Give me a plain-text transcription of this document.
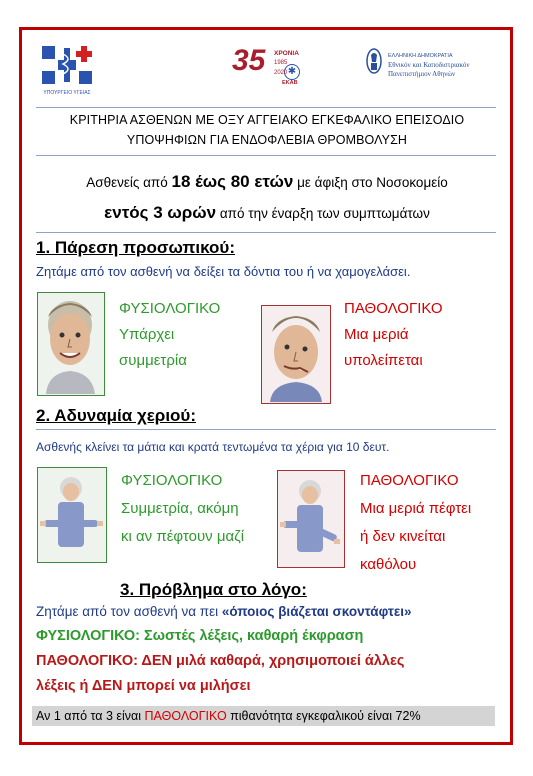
ΥΠΟΥΡΓΕΙΟ ΥΓΕΙΑΣ
35 ΧΡΟΝΙΑ
1985
✱
2020
ΕΚΑΒ
ΕΛΛΗΝΙΚΗ ΔΗΜΟΚΡΑΤΙΑ
Εθνικόν και Καποδιστριακόν
Πανεπιστήμιον Αθηνών
ΚΡΙΤΗΡΙΑ ΑΣΘΕΝΩΝ ΜΕ ΟΞΥ ΑΓΓΕΙΑΚΟ ΕΓΚΕΦΑΛΙΚΟ ΕΠΕΙΣΟΔΙΟ
ΥΠΟΨΗΦΙΩΝ ΓΙΑ ΕΝΔΟΦΛΕΒΙΑ ΘΡΟΜΒΟΛΥΣΗ
Ασθενείς από 18 έως 80 ετών με άφιξη στο Νοσοκομείο
εντός 3 ωρών από την έναρξη των συμπτωμάτων
1. Πάρεση προσωπικού:
Ζητάμε από τον ασθενή να δείξει τα δόντια του ή να χαμογελάσει.
ΦΥΣΙΟΛΟΓΙΚΟ
Υπάρχει
συμμετρία
ΠΑΘΟΛΟΓΙΚΟ
Μια μεριά
υπολείπεται
2. Αδυναμία χεριού:
Ασθενής κλείνει τα μάτια και κρατά τεντωμένα τα χέρια για 10 δευτ.
ΦΥΣΙΟΛΟΓΙΚΟ
Συμμετρία, ακόμη
κι αν πέφτουν μαζί
ΠΑΘΟΛΟΓΙΚΟ
Μια μεριά πέφτει
ή δεν κινείται
καθόλου
3. Πρόβλημα στο λόγο:
Ζητάμε από τον ασθενή να πει «όποιος βιάζεται σκοντάφτει»
ΦΥΣΙΟΛΟΓΙΚΟ: Σωστές λέξεις, καθαρή έκφραση
ΠΑΘΟΛΟΓΙΚΟ: ΔΕΝ μιλά καθαρά, χρησιμοποιεί άλλες
λέξεις ή ΔΕΝ μπορεί να μιλήσει
Αν 1 από τα 3 είναι ΠΑΘΟΛΟΓΙΚΟ πιθανότητα εγκεφαλικού είναι 72%
